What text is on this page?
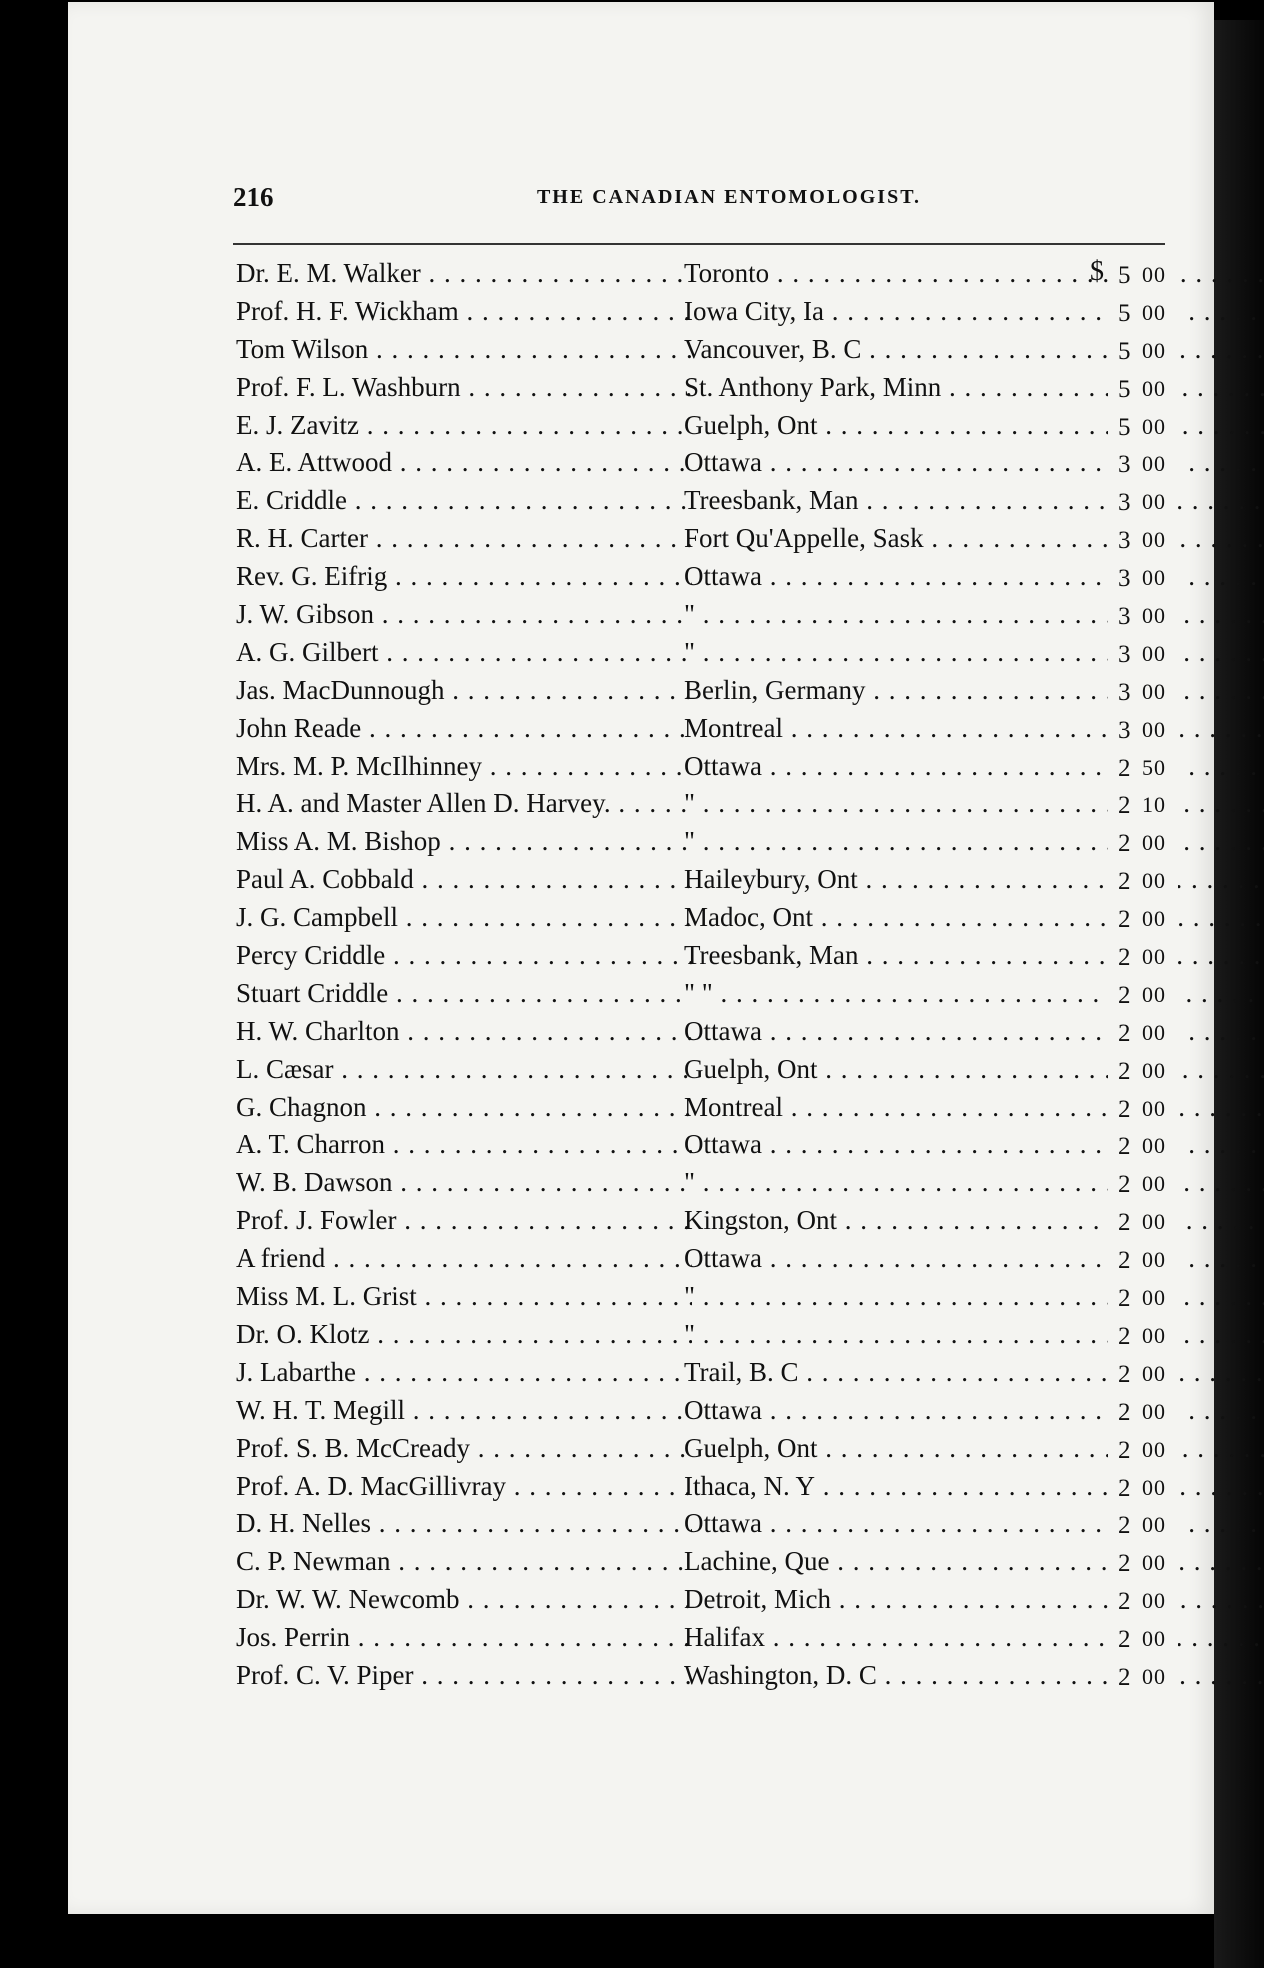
216	THE CANADIAN ENTOMOLOGIST.
Dr. E. M. Walker . . .	Toronto . . .	$ 5 00
Prof. H. F. Wickham . . .	Iowa City, Ia . . .	5 00
Tom Wilson . . .	Vancouver, B. C . . .	5 00
Prof. F. L. Washburn . . .	St. Anthony Park, Minn . . .	5 00
E. J. Zavitz . . .	Guelph, Ont . . .	5 00
A. E. Attwood . . .	Ottawa . . .	3 00
E. Criddle . . .	Treesbank, Man . . .	3 00
R. H. Carter . . .	Fort Qu'Appelle, Sask . . .	3 00
Rev. G. Eifrig . . .	Ottawa . . .	3 00
J. W. Gibson . . .	" . . .	3 00
A. G. Gilbert . . .	" . . .	3 00
Jas. MacDunnough . . .	Berlin, Germany . . .	3 00
John Reade . . .	Montreal . . .	3 00
Mrs. M. P. McIlhinney . . .	Ottawa . . .	2 50
H. A. and Master Allen D. Harvey. . . .	" . . .	2 10
Miss A. M. Bishop . . .	" . . .	2 00
Paul A. Cobbald . . .	Haileybury, Ont . . .	2 00
J. G. Campbell . . .	Madoc, Ont . . .	2 00
Percy Criddle . . .	Treesbank, Man . . .	2 00
Stuart Criddle . . .	" " . . .	2 00
H. W. Charlton . . .	Ottawa . . .	2 00
L. Cæsar . . .	Guelph, Ont . . .	2 00
G. Chagnon . . .	Montreal . . .	2 00
A. T. Charron . . .	Ottawa . . .	2 00
W. B. Dawson . . .	" . . .	2 00
Prof. J. Fowler . . .	Kingston, Ont . . .	2 00
A friend . . .	Ottawa . . .	2 00
Miss M. L. Grist . . .	" . . .	2 00
Dr. O. Klotz . . .	" . . .	2 00
J. Labarthe . . .	Trail, B. C . . .	2 00
W. H. T. Megill . . .	Ottawa . . .	2 00
Prof. S. B. McCready . . .	Guelph, Ont . . .	2 00
Prof. A. D. MacGillivray . . .	Ithaca, N. Y . . .	2 00
D. H. Nelles . . .	Ottawa . . .	2 00
C. P. Newman . . .	Lachine, Que . . .	2 00
Dr. W. W. Newcomb . . .	Detroit, Mich . . .	2 00
Jos. Perrin . . .	Halifax . . .	2 00
Prof. C. V. Piper . . .	Washington, D. C . . .	2 00
